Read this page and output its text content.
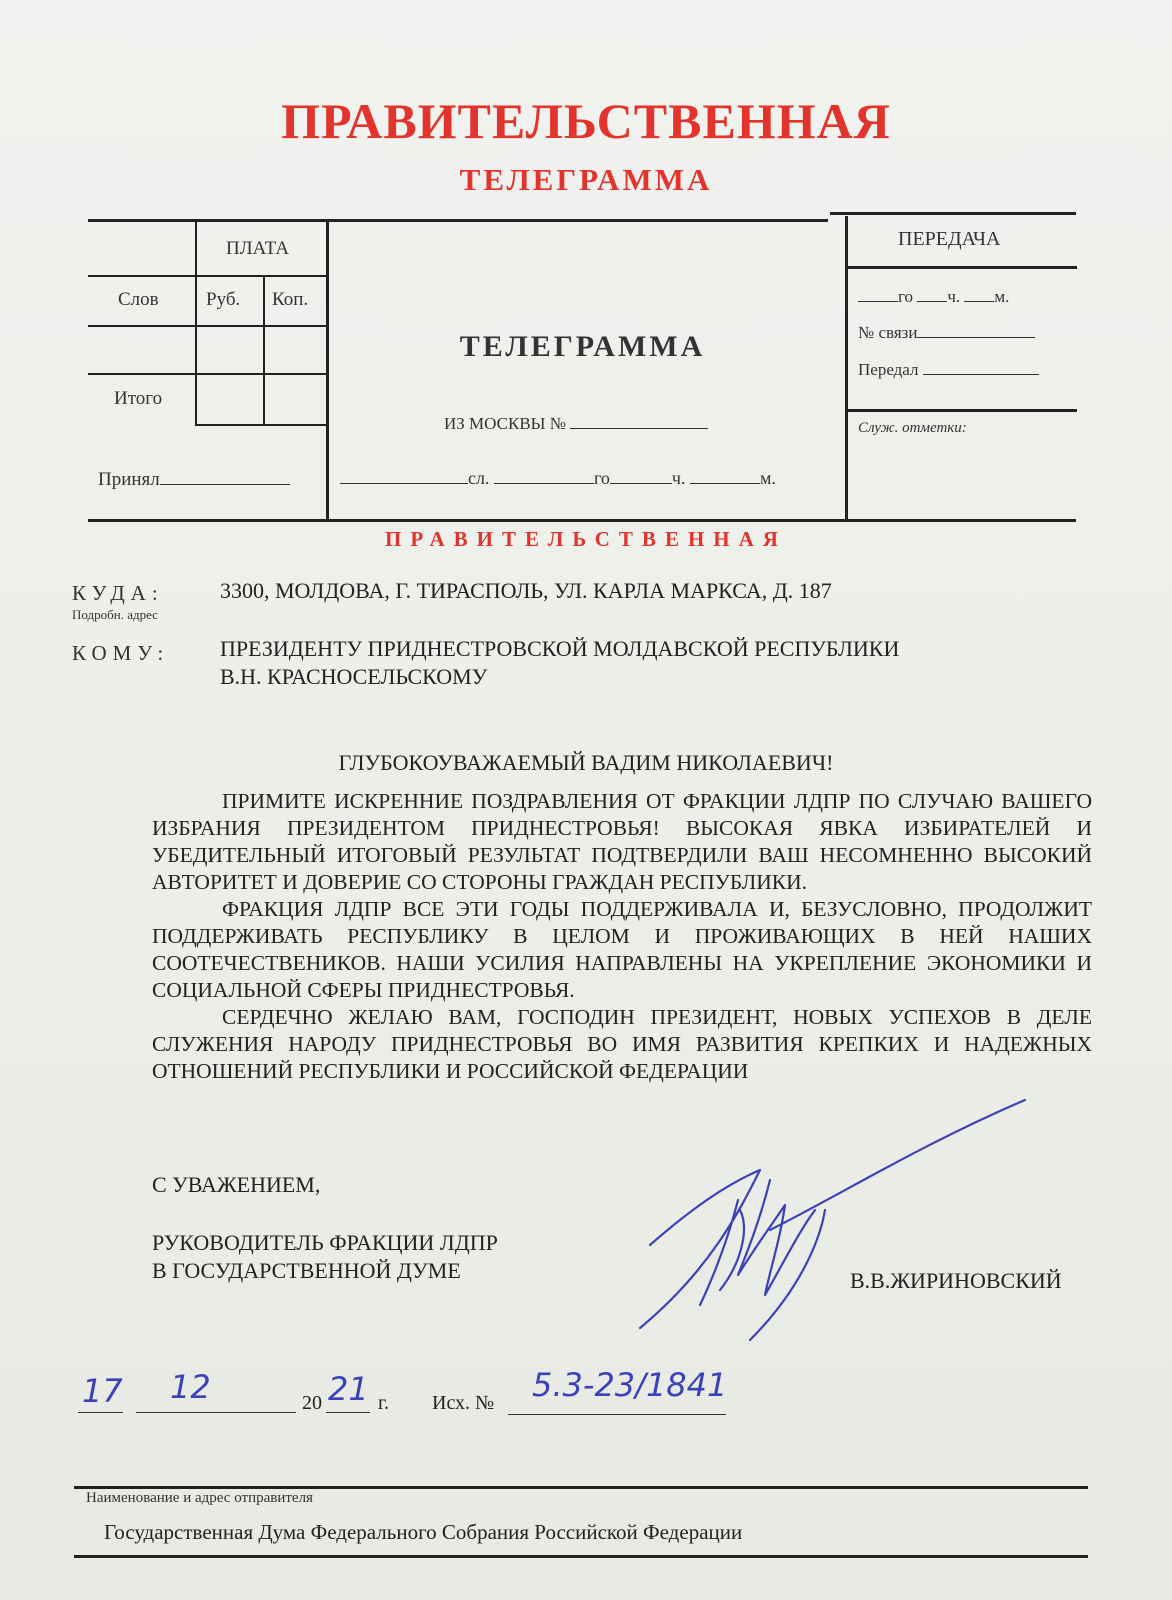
ПРАВИТЕЛЬСТВЕННАЯ
ТЕЛЕГРАММА
ПЛАТА
Слов Руб. Коп.
Итого
Принял
ТЕЛЕГРАММА
ИЗ МОСКВЫ №
сл.	го	ч.	м.
ПЕРЕДАЧА
го ч. м.
№ связи
Передал
Служ. отметки:
ПРАВИТЕЛЬСТВЕННАЯ
КУДА:
Подробн. адрес
3300, МОЛДОВА, Г. ТИРАСПОЛЬ, УЛ. КАРЛА МАРКСА, Д. 187
КОМУ: ПРЕЗИДЕНТУ ПРИДНЕСТРОВСКОЙ МОЛДАВСКОЙ РЕСПУБЛИКИ
В.Н. КРАСНОСЕЛЬСКОМУ
ГЛУБОКОУВАЖАЕМЫЙ ВАДИМ НИКОЛАЕВИЧ!

ПРИМИТЕ ИСКРЕННИЕ ПОЗДРАВЛЕНИЯ ОТ ФРАКЦИИ ЛДПР ПО СЛУЧАЮ ВАШЕГО ИЗБРАНИЯ ПРЕЗИДЕНТОМ ПРИДНЕСТРОВЬЯ! ВЫСОКАЯ ЯВКА ИЗБИРАТЕЛЕЙ И УБЕДИТЕЛЬНЫЙ ИТОГОВЫЙ РЕЗУЛЬТАТ ПОДТВЕРДИЛИ ВАШ НЕСОМНЕННО ВЫСОКИЙ АВТОРИТЕТ И ДОВЕРИЕ СО СТОРОНЫ ГРАЖДАН РЕСПУБЛИКИ.

ФРАКЦИЯ ЛДПР ВСЕ ЭТИ ГОДЫ ПОДДЕРЖИВАЛА И, БЕЗУСЛОВНО, ПРОДОЛЖИТ ПОДДЕРЖИВАТЬ РЕСПУБЛИКУ В ЦЕЛОМ И ПРОЖИВАЮЩИХ В НЕЙ НАШИХ СООТЕЧЕСТВЕНИКОВ. НАШИ УСИЛИЯ НАПРАВЛЕНЫ НА УКРЕПЛЕНИЕ ЭКОНОМИКИ И СОЦИАЛЬНОЙ СФЕРЫ ПРИДНЕСТРОВЬЯ.

СЕРДЕЧНО ЖЕЛАЮ ВАМ, ГОСПОДИН ПРЕЗИДЕНТ, НОВЫХ УСПЕХОВ В ДЕЛЕ СЛУЖЕНИЯ НАРОДУ ПРИДНЕСТРОВЬЯ ВО ИМЯ РАЗВИТИЯ КРЕПКИХ И НАДЕЖНЫХ ОТНОШЕНИЙ РЕСПУБЛИКИ И РОССИЙСКОЙ ФЕДЕРАЦИИ

С УВАЖЕНИЕМ,
РУКОВОДИТЕЛЬ ФРАКЦИИ ЛДПР
В ГОСУДАРСТВЕННОЙ ДУМЕ	В.В.ЖИРИНОВСКИЙ
17 12	20 21 г. Исх. № 5.3-23/1841
Наименование и адрес отправителя
Государственная Дума Федерального Собрания Российской Федерации
